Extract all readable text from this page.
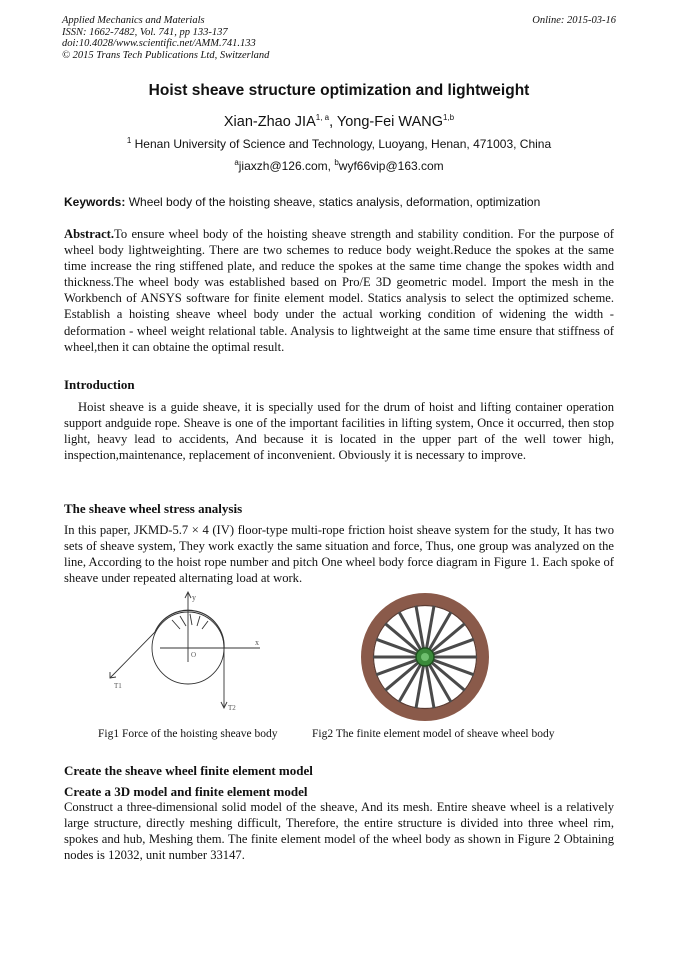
Applied Mechanics and Materials
ISSN: 1662-7482, Vol. 741, pp 133-137
doi:10.4028/www.scientific.net/AMM.741.133
© 2015 Trans Tech Publications Ltd, Switzerland
Online: 2015-03-16
Hoist sheave structure optimization and lightweight
Xian-Zhao JIA$^{1, a}$, Yong-Fei WANG$^{1,b}$
$^1$ Henan University of Science and Technology, Luoyang, Henan, 471003, China
$^a$jiaxzh@126.com, $^b$wyf66vip@163.com
Keywords: Wheel body of the hoisting sheave, statics analysis, deformation, optimization
Abstract.To ensure wheel body of the hoisting sheave strength and stability condition. For the purpose of wheel body lightweighting. There are two schemes to reduce body weight.Reduce the spokes at the same time increase the ring stiffened plate, and reduce the spokes at the same time change the spokes width and thickness.The wheel body was established based on Pro/E 3D geometric model. Import the mesh in the Workbench of ANSYS software for finite element model. Statics analysis to select the optimized scheme. Establish a hoisting sheave wheel body under the actual working condition of widening the width - deformation - wheel weight relational table. Analysis to lightweight at the same time ensure that stiffness of wheel,then it can obtaine the optimal result.
Introduction
Hoist sheave is a guide sheave, it is specially used for the drum of hoist and lifting container operation support andguide rope. Sheave is one of the important facilities in lifting system, Once it occurred, then stop light, heavy lead to accidents, And because it is located in the upper part of the well tower high, inspection,maintenance, replacement of inconvenient. Obviously it is necessary to improve.
The sheave wheel stress analysis
In this paper, JKMD-5.7 × 4 (IV) floor-type multi-rope friction hoist sheave system for the study, It has two sets of sheave system, They work exactly the same situation and force, Thus, one group was analyzed on the line, According to the hoist rope number and pitch One wheel body force diagram in Figure 1. Each spoke of sheave under repeated alternating load at work.
y
x
O
T1
T2
Fig1 Force of the hoisting sheave body	Fig2 The finite element model of sheave wheel body
Create the sheave wheel finite element model
Create a 3D model and finite element model
Construct a three-dimensional solid model of the sheave, And its mesh. Entire sheave wheel is a relatively large structure, directly meshing difficult, Therefore, the entire structure is divided into three wheel rim, spokes and hub, Meshing them. The finite element model of the wheel body as shown in Figure 2 Obtaining nodes is 12032, unit number 33147.
